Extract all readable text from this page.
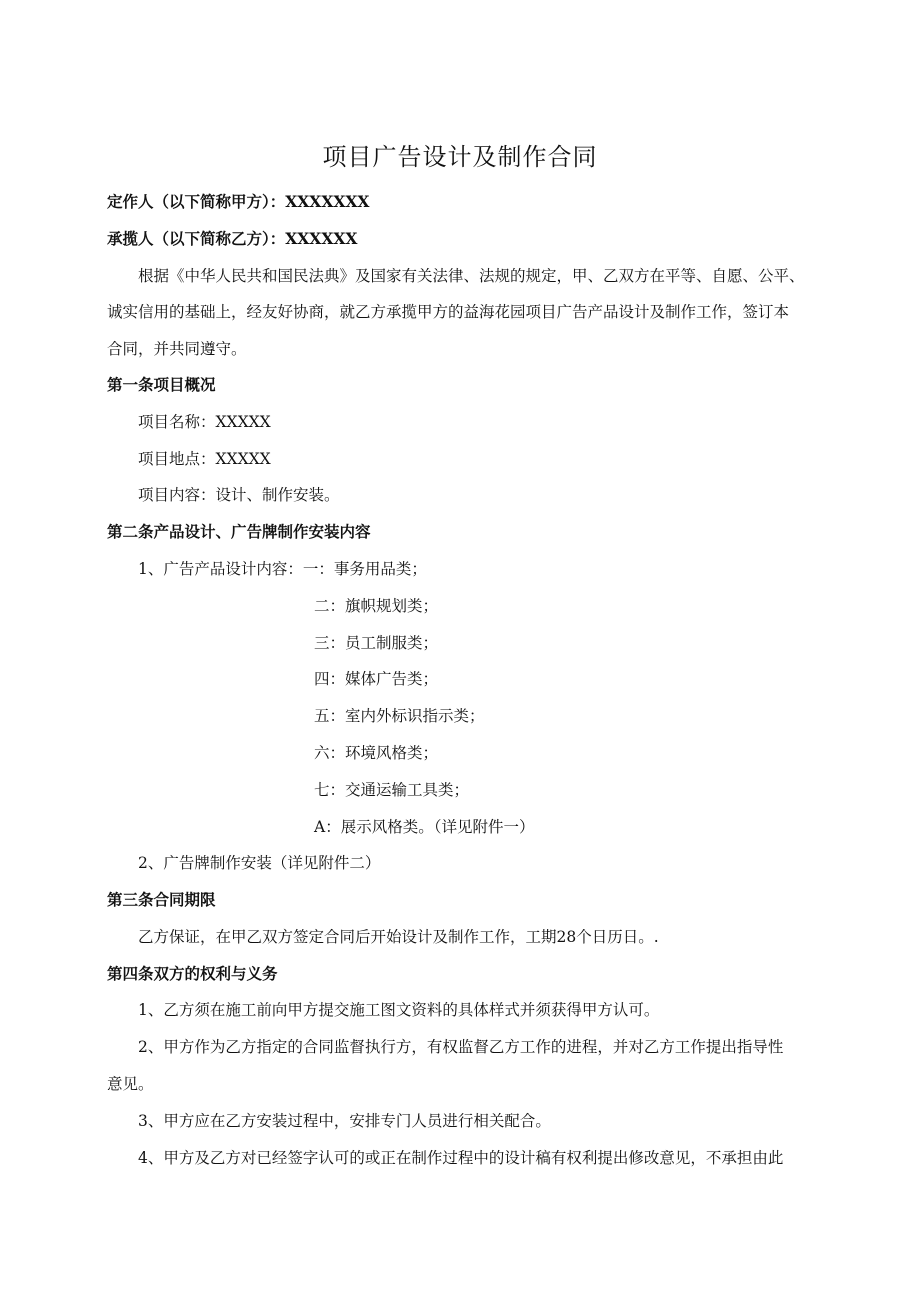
项目广告设计及制作合同
定作人（以下简称甲方）：XXXXXXX
承揽人（以下简称乙方）：XXXXXX
根据《中华人民共和国民法典》及国家有关法律、法规的规定，甲、乙双方在平等、自愿、公平、
诚实信用的基础上，经友好协商，就乙方承揽甲方的益海花园项目广告产品设计及制作工作，签订本
合同，并共同遵守。
第一条项目概况
项目名称：XXXXX
项目地点：XXXXX
项目内容：设计、制作安装。
第二条产品设计、广告牌制作安装内容
1、广告产品设计内容：一：事务用品类；
二：旗帜规划类；
三：员工制服类；
四：媒体广告类；
五：室内外标识指示类；
六：环境风格类；
七：交通运输工具类；
A：展示风格类。（详见附件一）
2、广告牌制作安装（详见附件二）
第三条合同期限
乙方保证，在甲乙双方签定合同后开始设计及制作工作，工期28个日历日。.
第四条双方的权利与义务
1、乙方须在施工前向甲方提交施工图文资料的具体样式并须获得甲方认可。
2、甲方作为乙方指定的合同监督执行方，有权监督乙方工作的进程，并对乙方工作提出指导性
意见。
3、甲方应在乙方安装过程中，安排专门人员进行相关配合。
4、甲方及乙方对已经签字认可的或正在制作过程中的设计稿有权利提出修改意见，不承担由此
